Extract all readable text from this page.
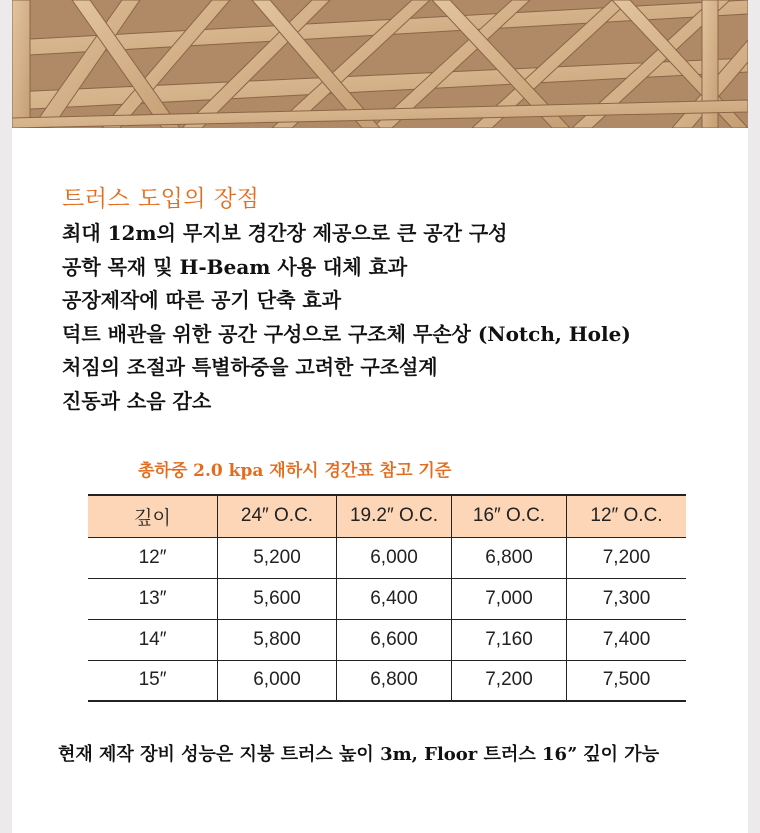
트러스 도입의 장점
최대 12m의 무지보 경간장 제공으로 큰 공간 구성
공학 목재 및 H-Beam 사용 대체 효과
공장제작에 따른 공기 단축 효과
덕트 배관을 위한 공간 구성으로 구조체 무손상 (Notch, Hole)
처짐의 조절과 특별하중을 고려한 구조설계
진동과 소음 감소
총하중 2.0 kpa 재하시 경간표 참고 기준
깊이	24″ O.C.	19.2″ O.C.	16″ O.C.	12″ O.C.
12″	5,200	6,000	6,800	7,200
13″	5,600	6,400	7,000	7,300
14″	5,800	6,600	7,160	7,400
15″	6,000	6,800	7,200	7,500
현재 제작 장비 성능은 지붕 트러스 높이 3m, Floor 트러스 16ˮ 깊이 가능
